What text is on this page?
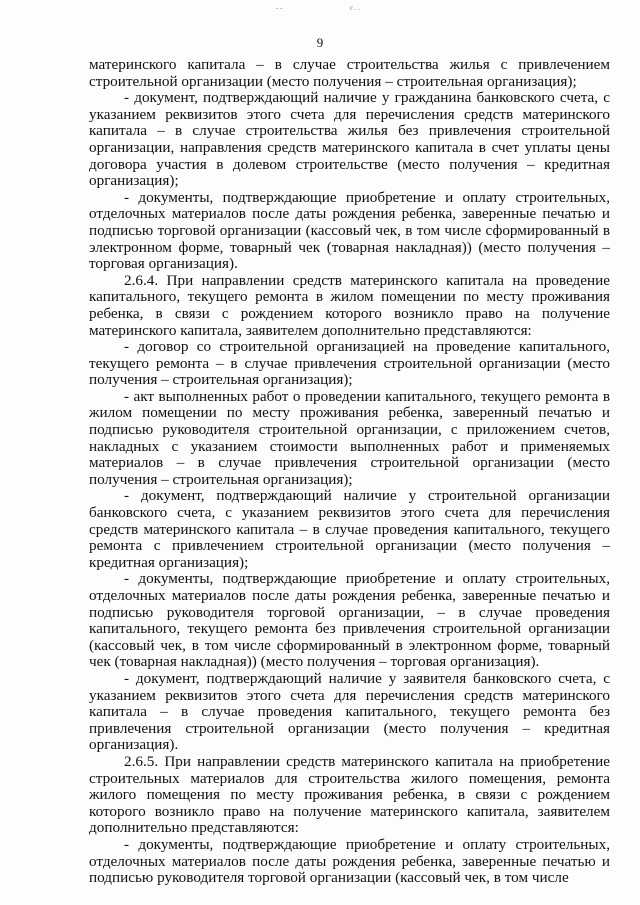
- -	г . .
9

материнского капитала – в случае строительства жилья с привлечением строительной организации (место получения – строительная организация);

- документ, подтверждающий наличие у гражданина банковского счета, с указанием реквизитов этого счета для перечисления средств материнского капитала – в случае строительства жилья без привлечения строительной организации, направления средств материнского капитала в счет уплаты цены договора участия в долевом строительстве (место получения – кредитная организация);

- документы, подтверждающие приобретение и оплату строительных, отделочных материалов после даты рождения ребенка, заверенные печатью и подписью торговой организации (кассовый чек, в том числе сформированный в электронном форме, товарный чек (товарная накладная)) (место получения – торговая организация).

2.6.4. При направлении средств материнского капитала на проведение капитального, текущего ремонта в жилом помещении по месту проживания ребенка, в связи с рождением которого возникло право на получение материнского капитала, заявителем дополнительно представляются:

- договор со строительной организацией на проведение капитального, текущего ремонта – в случае привлечения строительной организации (место получения – строительная организация);

- акт выполненных работ о проведении капитального, текущего ремонта в жилом помещении по месту проживания ребенка, заверенный печатью и подписью руководителя строительной организации, с приложением счетов, накладных с указанием стоимости выполненных работ и применяемых материалов – в случае привлечения строительной организации (место получения – строительная организация);

- документ, подтверждающий наличие у строительной организации банковского счета, с указанием реквизитов этого счета для перечисления средств материнского капитала – в случае проведения капитального, текущего ремонта с привлечением строительной организации (место получения – кредитная организация);

- документы, подтверждающие приобретение и оплату строительных, отделочных материалов после даты рождения ребенка, заверенные печатью и подписью руководителя торговой организации, – в случае проведения капитального, текущего ремонта без привлечения строительной организации (кассовый чек, в том числе сформированный в электронном форме, товарный чек (товарная накладная)) (место получения – торговая организация).

- документ, подтверждающий наличие у заявителя банковского счета, с указанием реквизитов этого счета для перечисления средств материнского капитала – в случае проведения капитального, текущего ремонта без привлечения строительной организации (место получения – кредитная организация).

2.6.5. При направлении средств материнского капитала на приобретение строительных материалов для строительства жилого помещения, ремонта жилого помещения по месту проживания ребенка, в связи с рождением которого возникло право на получение материнского капитала, заявителем дополнительно представляются:

- документы, подтверждающие приобретение и оплату строительных, отделочных материалов после даты рождения ребенка, заверенные печатью и подписью руководителя торговой организации (кассовый чек, в том числе
